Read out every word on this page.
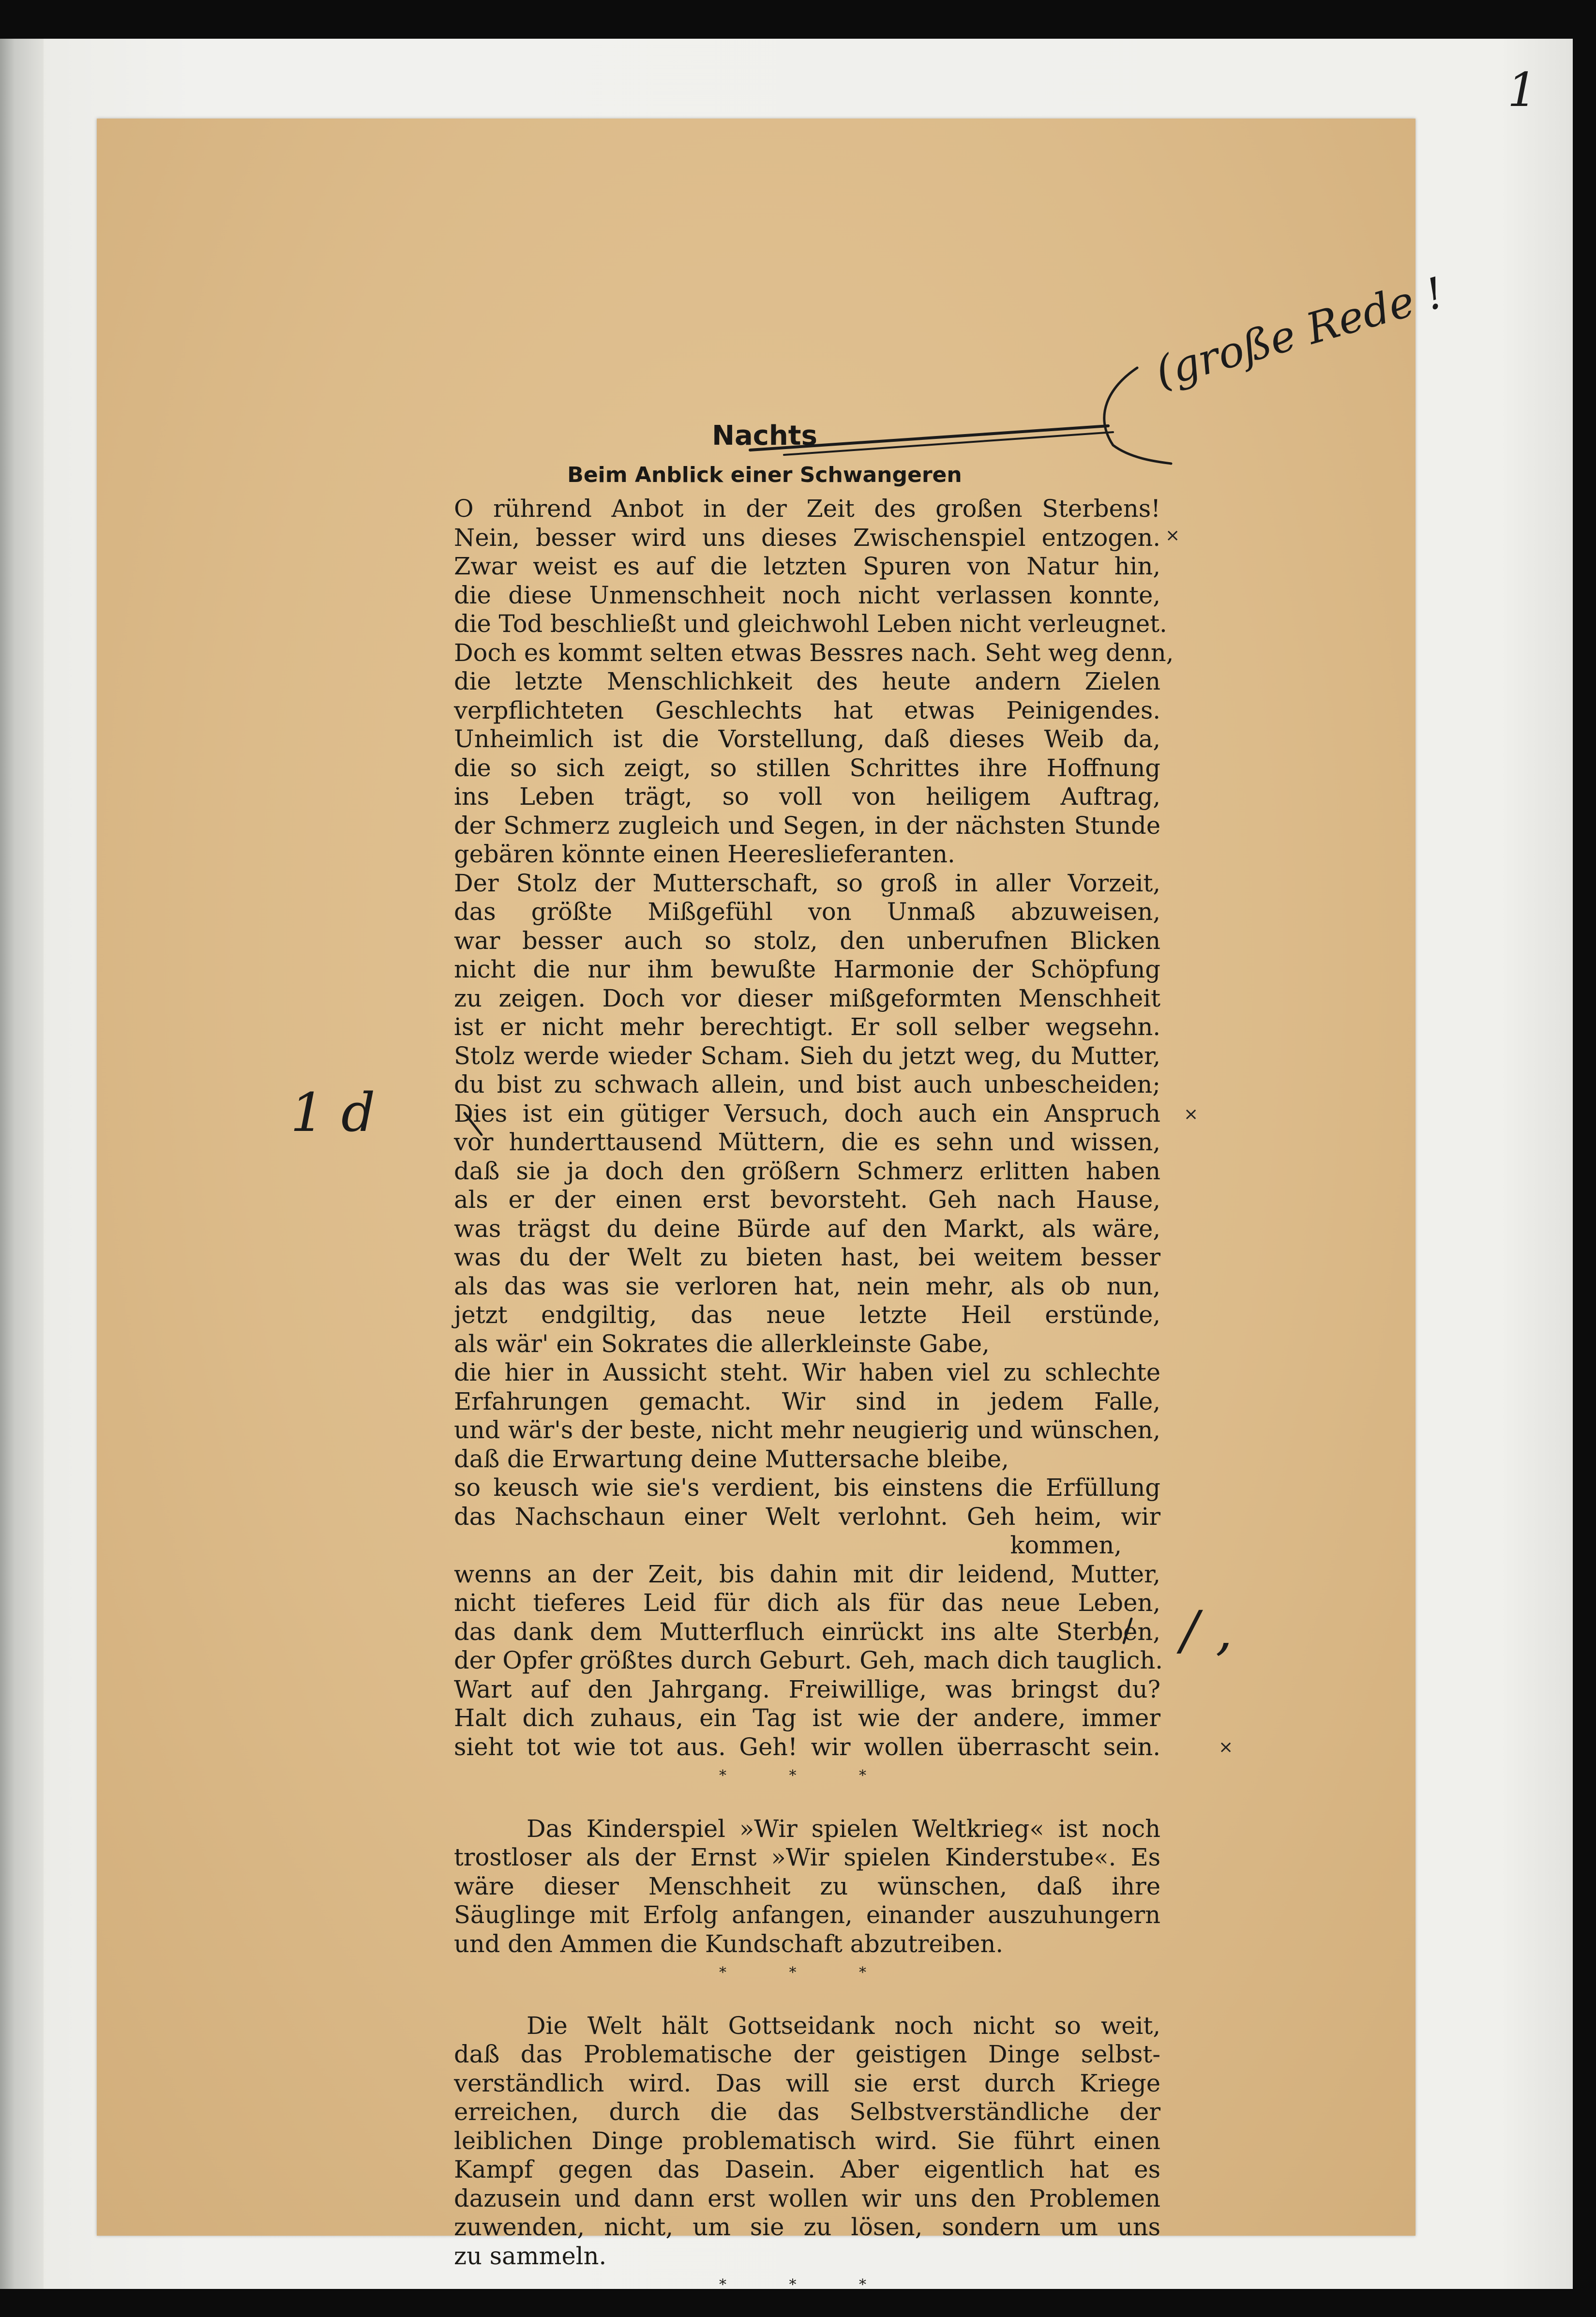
1
Nachts
Beim Anblick einer Schwangeren
O rührend Anbot in der Zeit des großen Sterbens!
Nein, besser wird uns dieses Zwischenspiel entzogen.
Zwar weist es auf die letzten Spuren von Natur hin,
die diese Unmenschheit noch nicht verlassen konnte,
die Tod beschließt und gleichwohl Leben nicht verleugnet.
Doch es kommt selten etwas Bessres nach. Seht weg denn,
die letzte Menschlichkeit des heute andern Zielen
verpflichteten Geschlechts hat etwas Peinigendes.
Unheimlich ist die Vorstellung, daß dieses Weib da,
die so sich zeigt, so stillen Schrittes ihre Hoffnung
ins Leben trägt, so voll von heiligem Auftrag,
der Schmerz zugleich und Segen, in der nächsten Stunde
gebären könnte einen Heereslieferanten.
Der Stolz der Mutterschaft, so groß in aller Vorzeit,
das größte Mißgefühl von Unmaß abzuweisen,
war besser auch so stolz, den unberufnen Blicken
nicht die nur ihm bewußte Harmonie der Schöpfung
zu zeigen. Doch vor dieser mißgeformten Menschheit
ist er nicht mehr berechtigt. Er soll selber wegsehn.
Stolz werde wieder Scham. Sieh du jetzt weg, du Mutter,
du bist zu schwach allein, und bist auch unbescheiden;
Dies ist ein gütiger Versuch, doch auch ein Anspruch
vor hunderttausend Müttern, die es sehn und wissen,
daß sie ja doch den größern Schmerz erlitten haben
als er der einen erst bevorsteht. Geh nach Hause,
was trägst du deine Bürde auf den Markt, als wäre,
was du der Welt zu bieten hast, bei weitem besser
als das was sie verloren hat, nein mehr, als ob nun,
jetzt endgiltig, das neue letzte Heil erstünde,
als wär' ein Sokrates die allerkleinste Gabe,
die hier in Aussicht steht. Wir haben viel zu schlechte
Erfahrungen gemacht. Wir sind in jedem Falle,
und wär's der beste, nicht mehr neugierig und wünschen,
daß die Erwartung deine Muttersache bleibe,
so keusch wie sie's verdient, bis einstens die Erfüllung
das Nachschaun einer Welt verlohnt. Geh heim, wir
kommen,
wenns an der Zeit, bis dahin mit dir leidend, Mutter,
nicht tieferes Leid für dich als für das neue Leben,
das dank dem Mutterfluch einrückt ins alte Sterben,
der Opfer größtes durch Geburt. Geh, mach dich tauglich.
Wart auf den Jahrgang. Freiwillige, was bringst du?
Halt dich zuhaus, ein Tag ist wie der andere, immer
sieht tot wie tot aus. Geh! wir wollen überrascht sein.
* * *
Das Kinderspiel »Wir spielen Weltkrieg« ist noch
trostloser als der Ernst »Wir spielen Kinderstube«. Es
wäre dieser Menschheit zu wünschen, daß ihre
Säuglinge mit Erfolg anfangen, einander auszuhungern
und den Ammen die Kundschaft abzutreiben.
* * *
Die Welt hält Gottseidank noch nicht so weit,
daß das Problematische der geistigen Dinge selbst-
verständlich wird. Das will sie erst durch Kriege
erreichen, durch die das Selbstverständliche der
leiblichen Dinge problematisch wird. Sie führt einen
Kampf gegen das Dasein. Aber eigentlich hat es
dazusein und dann erst wollen wir uns den Problemen
zuwenden, nicht, um sie zu lösen, sondern um uns
zu sammeln.
* * *
(große Rede !
1 d
/ ,
×
×
×
